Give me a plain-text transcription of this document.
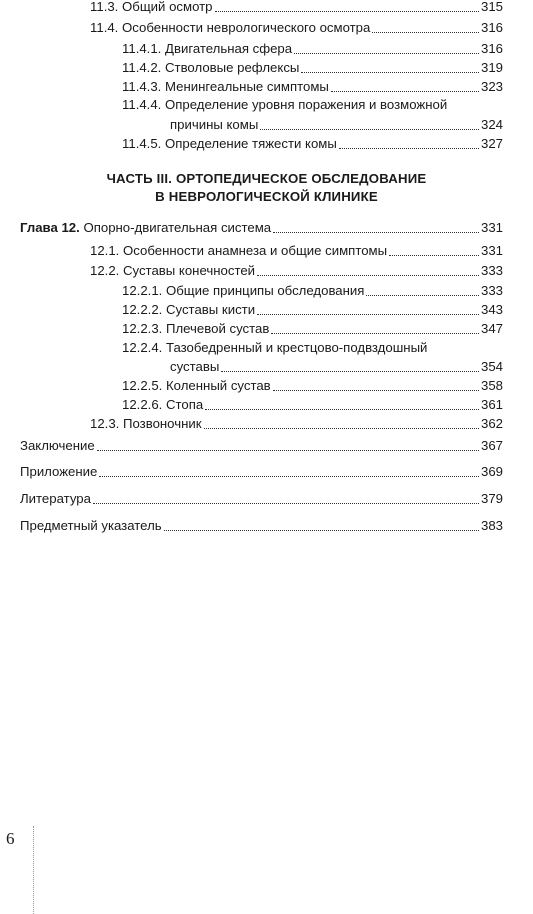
11.3. Общий осмотр	315
11.4. Особенности неврологического осмотра	316
11.4.1. Двигательная сфера	316
11.4.2. Стволовые рефлексы	319
11.4.3. Менингеальные симптомы	323
11.4.4. Определение уровня поражения и возможной
причины комы	324
11.4.5. Определение тяжести комы	327
ЧАСТЬ III. ОРТОПЕДИЧЕСКОЕ ОБСЛЕДОВАНИЕ
В НЕВРОЛОГИЧЕСКОЙ КЛИНИКЕ
Глава 12. Опорно-двигательная система	331
12.1. Особенности анамнеза и общие симптомы	331
12.2. Суставы конечностей	333
12.2.1. Общие принципы обследования	333
12.2.2. Суставы кисти	343
12.2.3. Плечевой сустав	347
12.2.4. Тазобедренный и крестцово-подвздошный
суставы	354
12.2.5. Коленный сустав	358
12.2.6. Стопа	361
12.3. Позвоночник	362
Заключение	367
Приложение	369
Литература	379
Предметный указатель	383
6
